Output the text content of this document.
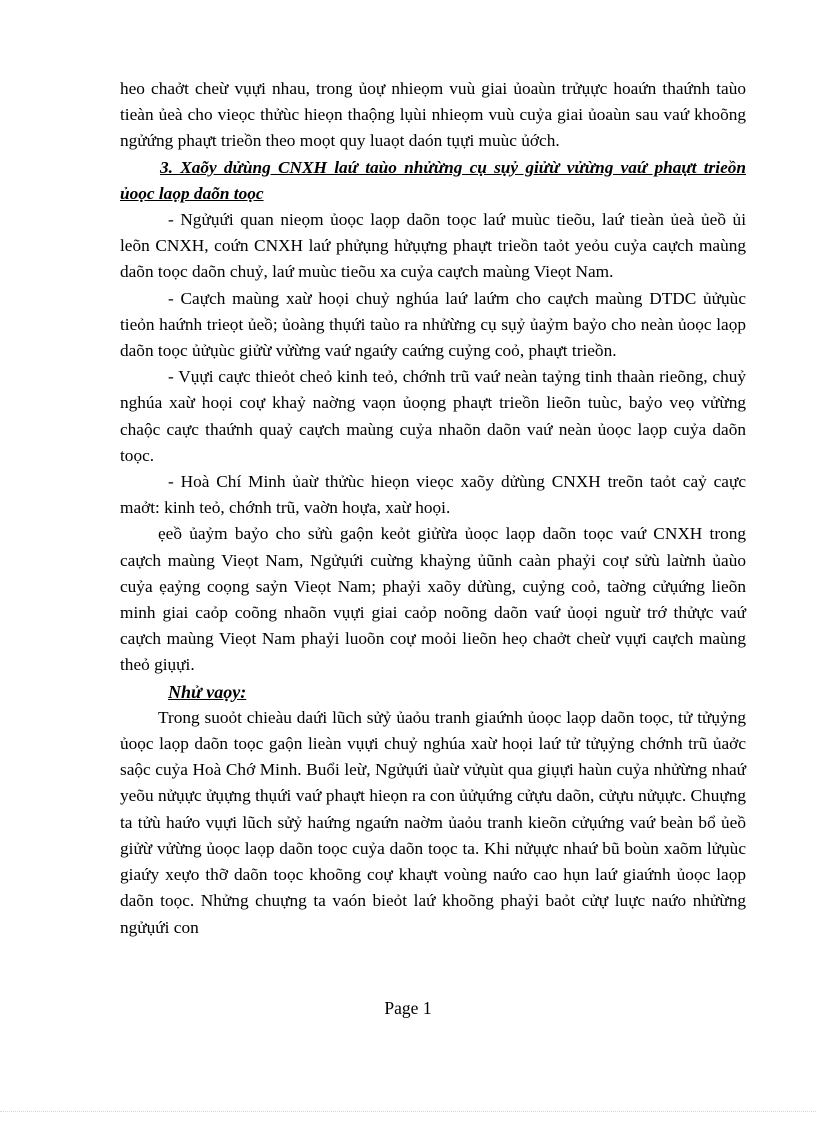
heo chaởt cheừ vụựi nhau, trong ủoự nhieọm vuù giai ủoaùn trửụực hoaứn thaứnh taùo tieàn ủeà cho vieọc thửùc hieọn thaộng lụùi nhieọm vuù cuỷa giai ủoaùn sau vaứ khoõng ngửứng phaựt trieồn theo moọt quy luaọt daón tụựi muùc ủớch.

3. Xaõy dửùng CNXH laứ taùo nhửừng cụ sụỷ giửừ vửừng vaứ phaựt trieồn ủoọc laọp daõn toọc

- Ngửụứi quan nieọm ủoọc laọp daõn toọc laứ muùc tieõu, laứ tieàn ủeà ủeồ ủi leõn CNXH, coứn CNXH laứ phửụng hửụựng phaựt trieồn taỏt yeỏu cuỷa caựch maùng daõn toọc daõn chuỷ, laứ muùc tieõu xa cuỷa caựch maùng Vieọt Nam.

- Caựch maùng xaừ hoọi chuỷ nghúa laứ laứm cho caựch maùng DTDC ủửụùc tieỏn haứnh trieọt ủeồ; ủoàng thụứi taùo ra nhửừng cụ sụỷ ủaỷm baỷo cho neàn ủoọc laọp daõn toọc ủửụùc giửừ vửừng vaứ ngaứy caứng cuỷng coỏ, phaựt trieồn.

- Vụựi caực thieỏt cheỏ kinh teỏ, chớnh trũ vaứ neàn taỷng tinh thaàn rieõng, chuỷ nghúa xaừ hoọi coự khaỷ naờng vaọn ủoọng phaựt trieồn lieõn tuùc, baỷo veọ vửừng chaộc caực thaứnh quaỷ caựch maùng cuỷa nhaõn daõn vaứ neàn ủoọc laọp cuỷa daõn toọc.

- Hoà Chí Minh ủaừ thửùc hieọn vieọc xaõy dửùng CNXH treõn taỏt caỷ caực maởt: kinh teỏ, chớnh trũ, vaờn hoựa, xaừ hoọi.

ẹeồ ủaỷm baỷo cho sửù gaộn keỏt giửừa ủoọc laọp daõn toọc vaứ CNXH trong caựch maùng Vieọt Nam, Ngửụứi cuừng khaỳng ủũnh caàn phaỷi coự sửù laừnh ủaùo cuỷa ẹaỷng coọng saỷn Vieọt Nam; phaỷi xaõy dửùng, cuỷng coỏ, taờng cửụứng lieõn minh giai caỏp coõng nhaõn vụựi giai caỏp noõng daõn vaứ ủoọi nguừ trớ thửực vaứ caựch maùng Vieọt Nam phaỷi luoõn coự moỏi lieõn heọ chaởt cheừ vụựi caựch maùng theỏ giụựi.

Nhử vaọy:

Trong suoỏt chieàu daứi lũch sửỷ ủaỏu tranh giaứnh ủoọc laọp daõn toọc, tử tửụỷng ủoọc laọp daõn toọc gaộn lieàn vụựi chuỷ nghúa xaừ hoọi laứ tử tửụỷng chớnh trũ ủaởc saộc cuỷa Hoà Chớ Minh. Buổi leừ, Ngửụứi ủaừ vửụùt qua giụựi haùn cuỷa nhửừng nhaứ yeõu nửụực ửụựng thụứi vaứ phaựt hieọn ra con ủửụứng cửựu daõn, cửựu nửụực. Chuựng ta tửù haứo vụựi lũch sửỷ haứng ngaứn naờm ủaỏu tranh kieõn cửụứng vaứ beàn bổ ủeồ giửừ vửừng ủoọc laọp daõn toọc cuỷa daõn toọc ta. Khi nửụực nhaứ bũ boùn xaõm lửụùc giaứy xeựo thỡ daõn toọc khoõng coự khaựt voùng naứo cao hụn laứ giaứnh ủoọc laọp daõn toọc. Nhửng chuựng ta vaón bieỏt laứ khoõng phaỷi baỏt cửự luực naứo nhửừng ngửụứi con

Page 1
